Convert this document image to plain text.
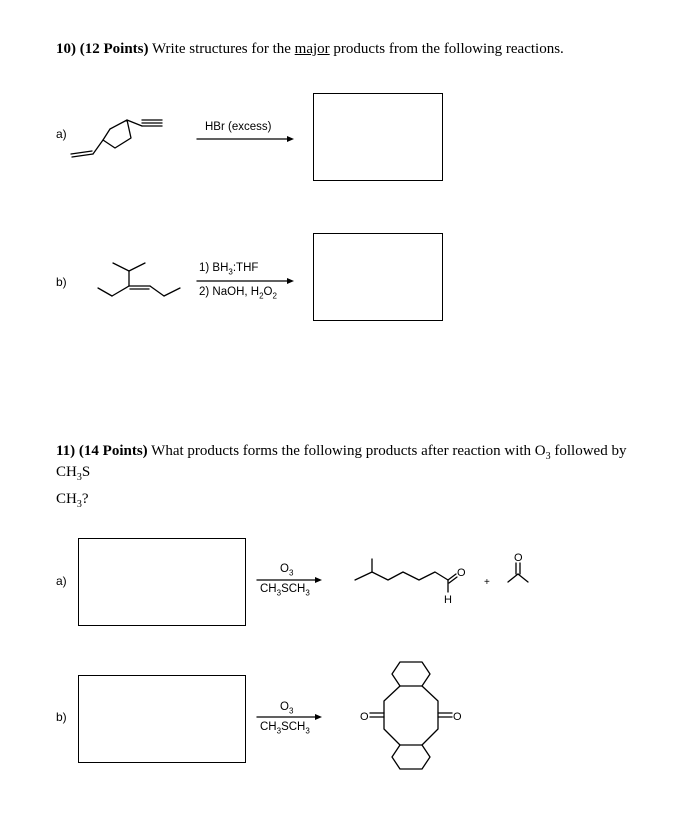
10) (12 Points) Write structures for the major products from the following reactions.
a)	HBr (excess)
b)
1) $BH_3:THF$
2) NaOH, $H_2O_2$
11) (14 Points) What products forms the following products after reaction with $O_3$ followed by
$CH_3S$
$CH_3$?
a)
$O_3$
$CH_3SCH_3$
O
H
O
+
b)
$O_3$
$CH_3SCH_3$
O	O
